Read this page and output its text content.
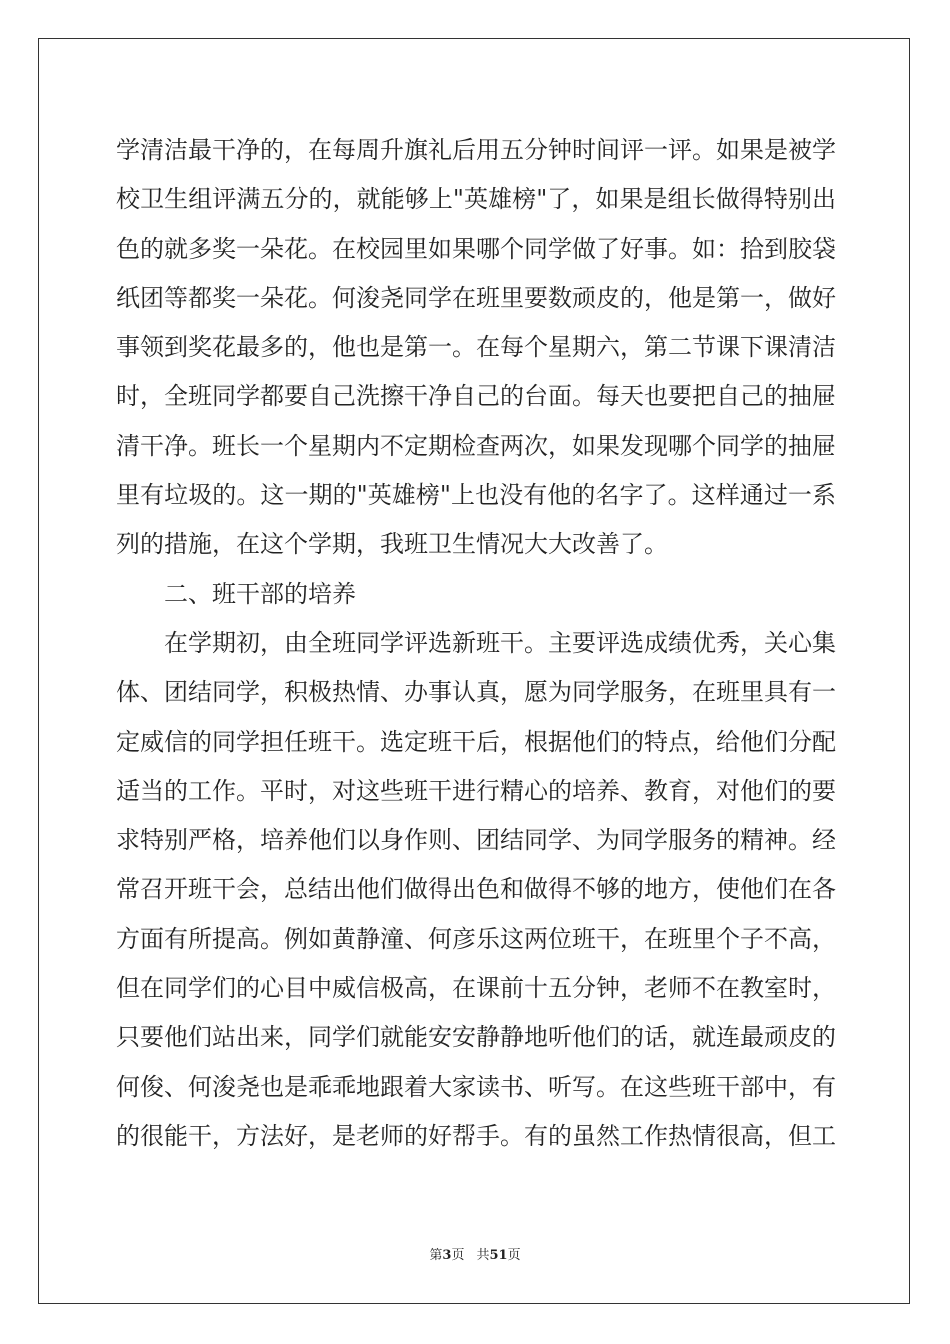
学清洁最干净的，在每周升旗礼后用五分钟时间评一评。如果是被学
校卫生组评满五分的，就能够上"英雄榜"了，如果是组长做得特别出
色的就多奖一朵花。在校园里如果哪个同学做了好事。如：拾到胶袋
纸团等都奖一朵花。何浚尧同学在班里要数顽皮的，他是第一，做好
事领到奖花最多的，他也是第一。在每个星期六，第二节课下课清洁
时，全班同学都要自己洗擦干净自己的台面。每天也要把自己的抽屉
清干净。班长一个星期内不定期检查两次，如果发现哪个同学的抽屉
里有垃圾的。这一期的"英雄榜"上也没有他的名字了。这样通过一系
列的措施，在这个学期，我班卫生情况大大改善了。
二、班干部的培养
在学期初，由全班同学评选新班干。主要评选成绩优秀，关心集
体、团结同学，积极热情、办事认真，愿为同学服务，在班里具有一
定威信的同学担任班干。选定班干后，根据他们的特点，给他们分配
适当的工作。平时，对这些班干进行精心的培养、教育，对他们的要
求特别严格，培养他们以身作则、团结同学、为同学服务的精神。经
常召开班干会，总结出他们做得出色和做得不够的地方，使他们在各
方面有所提高。例如黄静潼、何彦乐这两位班干，在班里个子不高，
但在同学们的心目中威信极高，在课前十五分钟，老师不在教室时，
只要他们站出来，同学们就能安安静静地听他们的话，就连最顽皮的
何俊、何浚尧也是乖乖地跟着大家读书、听写。在这些班干部中，有
的很能干，方法好，是老师的好帮手。有的虽然工作热情很高，但工
第3页 共51页
